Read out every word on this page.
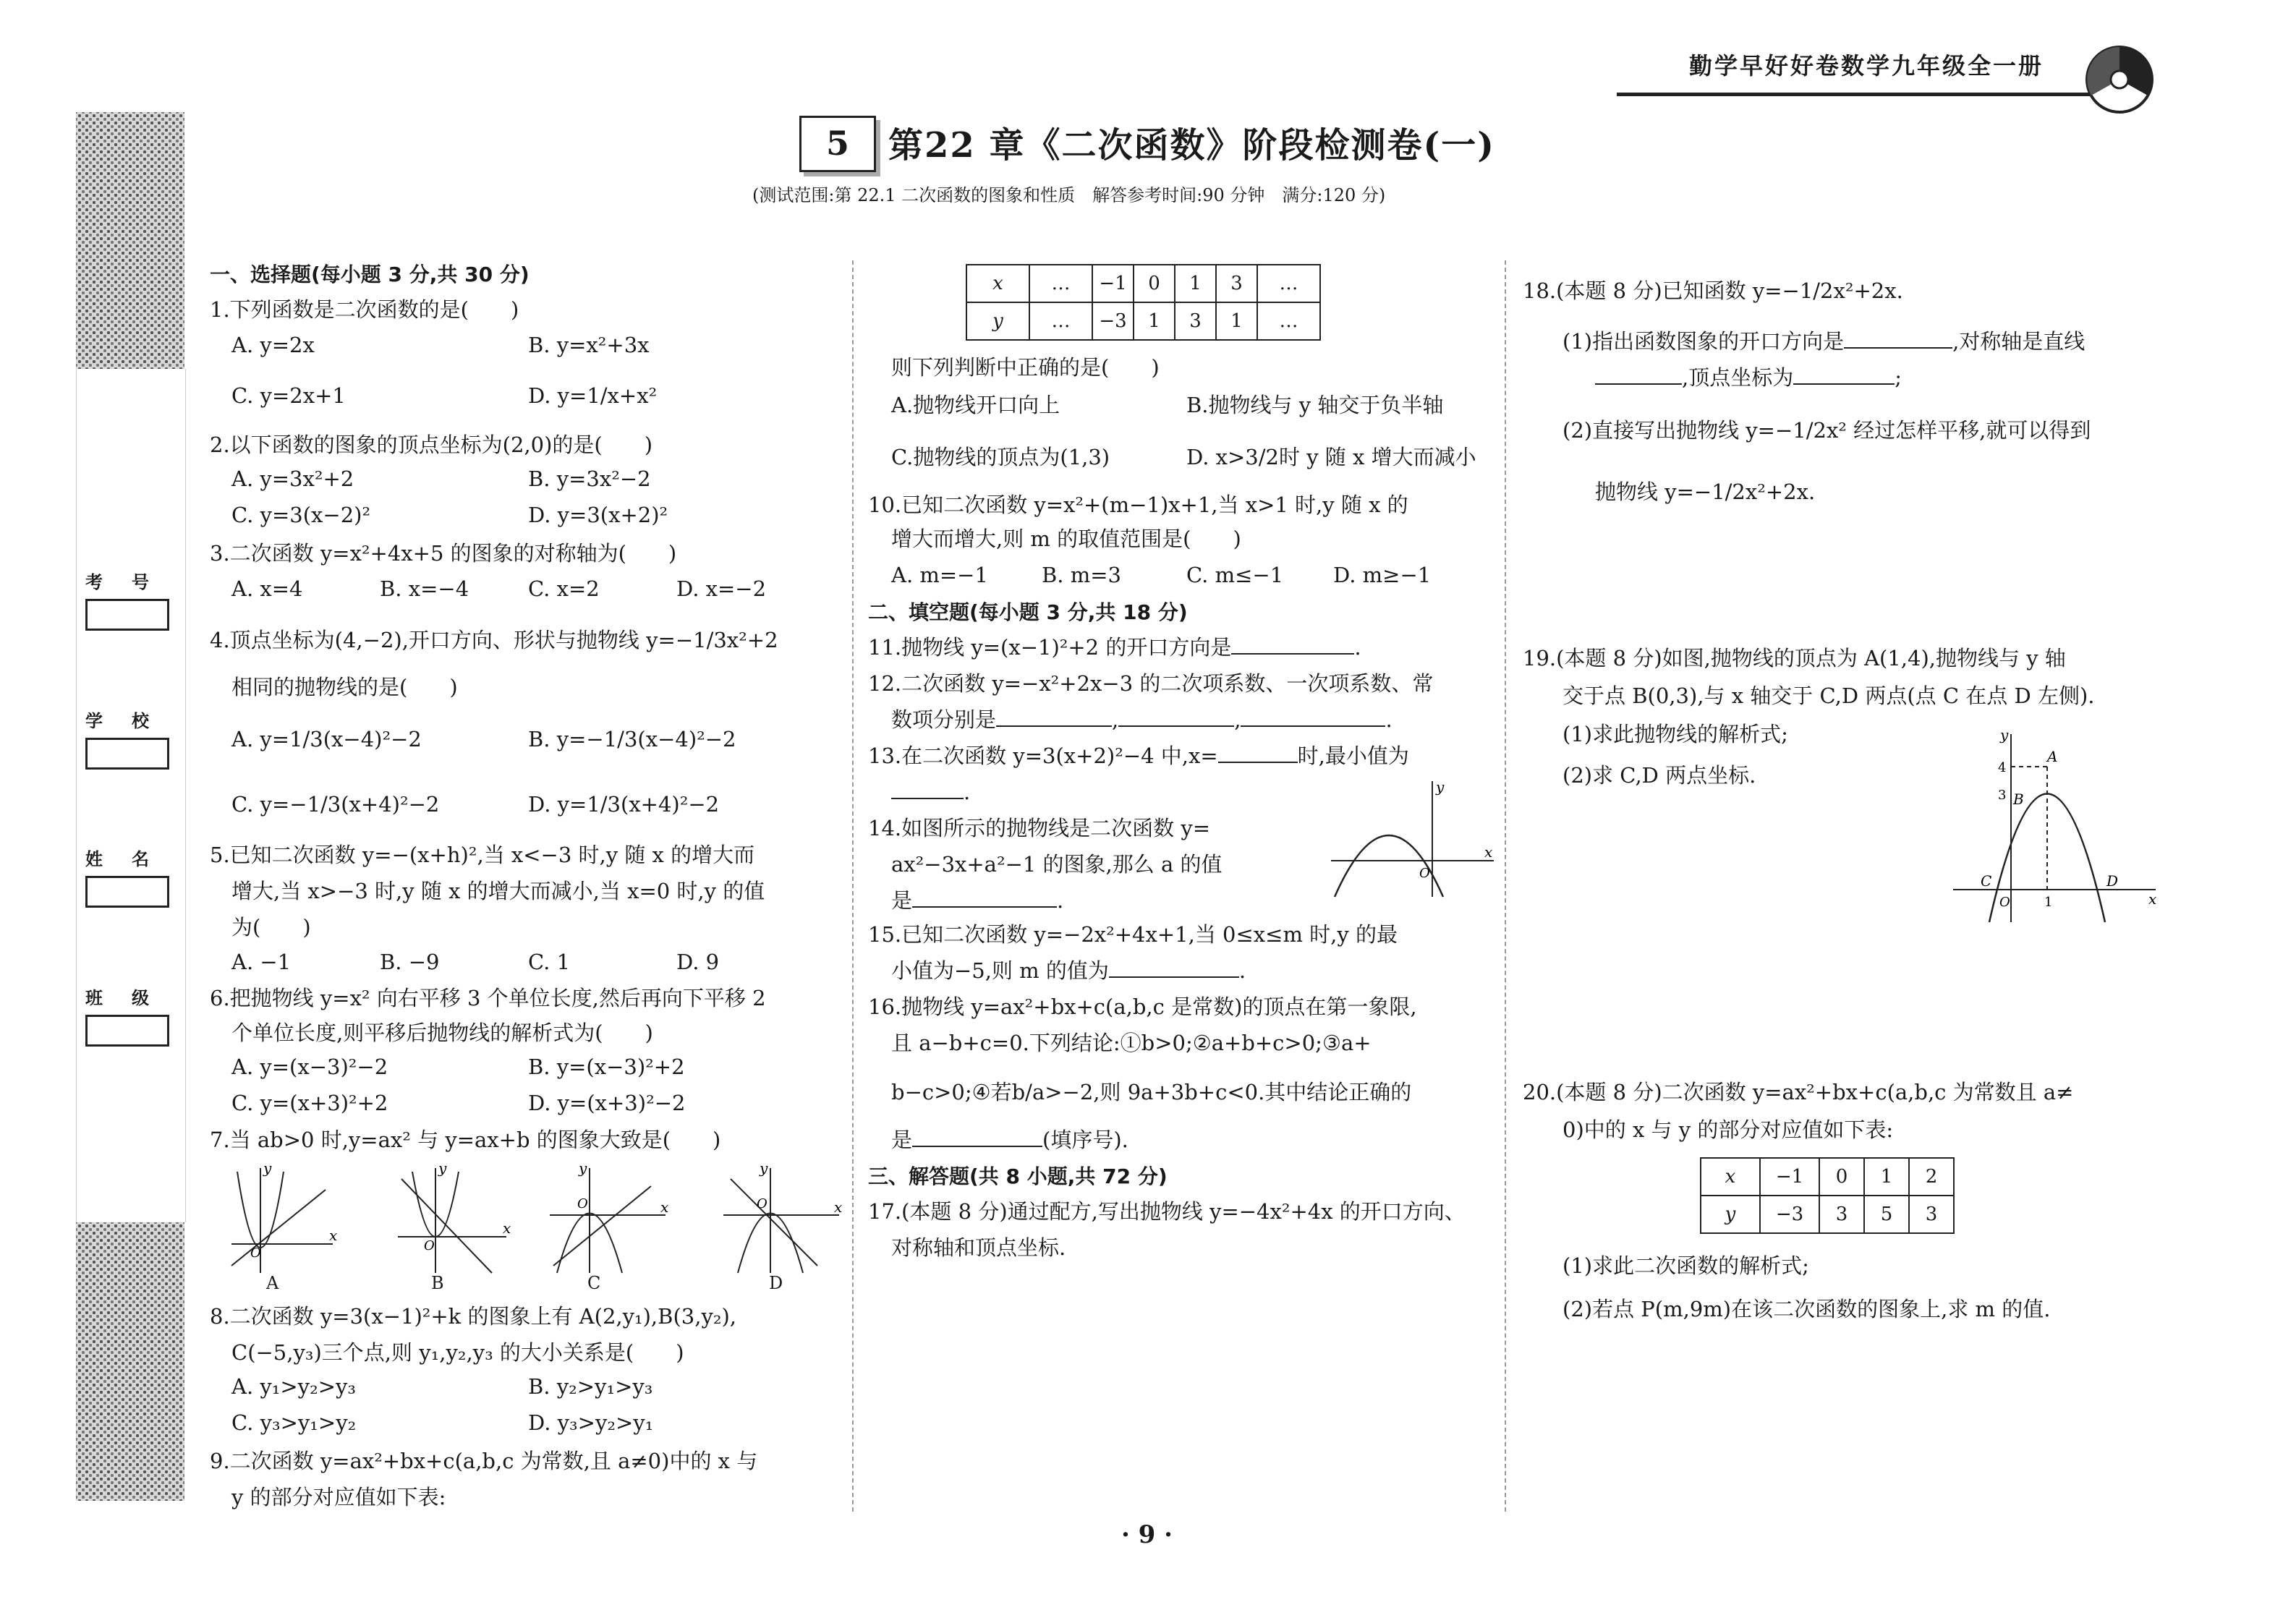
勤学早好好卷数学九年级全一册
考号
学校
姓名
班级
5	第22 章《二次函数》阶段检测卷(一)
(测试范围:第 22.1 二次函数的图象和性质　解答参考时间:90 分钟　满分:120 分)
一、选择题(每小题 3 分,共 30 分)
1.下列函数是二次函数的是(　　)
A. y=2x	B. y=x²+3x
C. y=2x+1	D. y=1/x+x²
2.以下函数的图象的顶点坐标为(2,0)的是(　　)
A. y=3x²+2	B. y=3x²−2
C. y=3(x−2)²	D. y=3(x+2)²
3.二次函数 y=x²+4x+5 的图象的对称轴为(　　)
A. x=4	B. x=−4	C. x=2	D. x=−2
4.顶点坐标为(4,−2),开口方向、形状与抛物线 y=−1/3x²+2
相同的抛物线的是(　　)
A. y=1/3(x−4)²−2	B. y=−1/3(x−4)²−2
C. y=−1/3(x+4)²−2	D. y=1/3(x+4)²−2
5.已知二次函数 y=−(x+h)²,当 x<−3 时,y 随 x 的增大而
增大,当 x>−3 时,y 随 x 的增大而减小,当 x=0 时,y 的值
为(　　)
A. −1	B. −9	C. 1	D. 9
6.把抛物线 y=x² 向右平移 3 个单位长度,然后再向下平移 2
个单位长度,则平移后抛物线的解析式为(　　)
A. y=(x−3)²−2	B. y=(x−3)²+2
C. y=(x+3)²+2	D. y=(x+3)²−2
7.当 ab>0 时,y=ax² 与 y=ax+b 的图象大致是(　　)
y
x
O
A
y
x
O
B
y
x
O
C
y
x
O
D
8.二次函数 y=3(x−1)²+k 的图象上有 A(2,y₁),B(3,y₂),
C(−5,y₃)三个点,则 y₁,y₂,y₃ 的大小关系是(　　)
A. y₁>y₂>y₃	B. y₂>y₁>y₃
C. y₃>y₁>y₂	D. y₃>y₂>y₁
9.二次函数 y=ax²+bx+c(a,b,c 为常数,且 a≠0)中的 x 与
y 的部分对应值如下表:
x	…	−1	0	1	3	…
y	…	−3	1	3	1	…
则下列判断中正确的是(　　)
A.抛物线开口向上	B.抛物线与 y 轴交于负半轴
C.抛物线的顶点为(1,3)	D. x>3/2时 y 随 x 增大而减小
10.已知二次函数 y=x²+(m−1)x+1,当 x>1 时,y 随 x 的
增大而增大,则 m 的取值范围是(　　)
A. m=−1	B. m=3	C. m≤−1 D. m≥−1
二、填空题(每小题 3 分,共 18 分)
11.抛物线 y=(x−1)²+2 的开口方向是	.
12.二次函数 y=−x²+2x−3 的二次项系数、一次项系数、常
数项分别是	,	,	.
13.在二次函数 y=3(x+2)²−4 中,x=	时,最小值为
.
14.如图所示的抛物线是二次函数 y=
ax²−3x+a²−1 的图象,那么 a 的值
是	.
y
x
O
15.已知二次函数 y=−2x²+4x+1,当 0≤x≤m 时,y 的最
小值为−5,则 m 的值为	.
16.抛物线 y=ax²+bx+c(a,b,c 是常数)的顶点在第一象限,
且 a−b+c=0.下列结论:①b>0;②a+b+c>0;③a+
b−c>0;④若b/a>−2,则 9a+3b+c<0.其中结论正确的
是	(填序号).
三、解答题(共 8 小题,共 72 分)
17.(本题 8 分)通过配方,写出抛物线 y=−4x²+4x 的开口方向、
对称轴和顶点坐标.
18.(本题 8 分)已知函数 y=−1/2x²+2x.
(1)指出函数图象的开口方向是	,对称轴是直线
,顶点坐标为	;
(2)直接写出抛物线 y=−1/2x² 经过怎样平移,就可以得到
抛物线 y=−1/2x²+2x.
19.(本题 8 分)如图,抛物线的顶点为 A(1,4),抛物线与 y 轴
交于点 B(0,3),与 x 轴交于 C,D 两点(点 C 在点 D 左侧).
(1)求此抛物线的解析式;
(2)求 C,D 两点坐标.
y
x
O
A
B
C	D
4
3
1
20.(本题 8 分)二次函数 y=ax²+bx+c(a,b,c 为常数且 a≠
0)中的 x 与 y 的部分对应值如下表:
x	−1	0	1	2
y	−3	3	5	3
(1)求此二次函数的解析式;
(2)若点 P(m,9m)在该二次函数的图象上,求 m 的值.
· 9 ·
